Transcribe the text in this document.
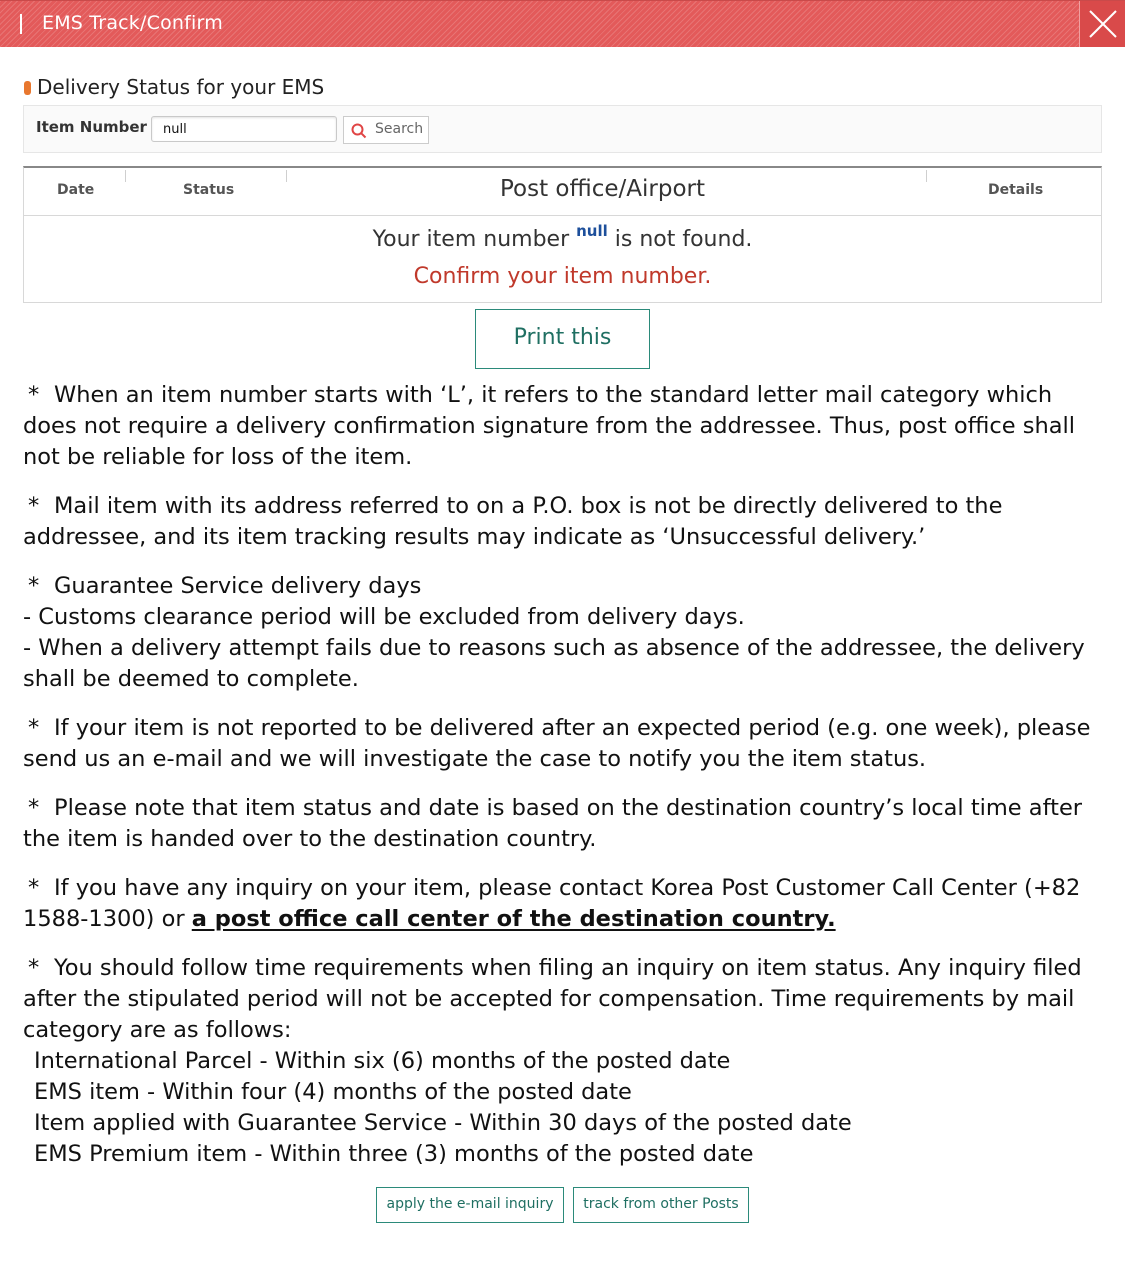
EMS Track/Confirm
Delivery Status for your EMS
Item Number
null	Search
Date	Status	Post office/Airport	Details
Your item number $^{null}$ is not found.
Confirm your item number.
Print this

* When an item number starts with ‘L’, it refers to the standard letter mail category which does not require a delivery confirmation signature from the addressee. Thus, post office shall not be reliable for loss of the item.

* Mail item with its address referred to on a P.O. box is not be directly delivered to the addressee, and its item tracking results may indicate as ‘Unsuccessful delivery.’

* Guarantee Service delivery days
- Customs clearance period will be excluded from delivery days.
- When a delivery attempt fails due to reasons such as absence of the addressee, the delivery shall be deemed to complete.

* If your item is not reported to be delivered after an expected period (e.g. one week), please send us an e-mail and we will investigate the case to notify you the item status.

* Please note that item status and date is based on the destination country’s local time after the item is handed over to the destination country.

* If you have any inquiry on your item, please contact Korea Post Customer Call Center (+82 1588-1300) or a post office call center of the destination country.

* You should follow time requirements when filing an inquiry on item status. Any inquiry filed after the stipulated period will not be accepted for compensation. Time requirements by mail category are as follows:
International Parcel - Within six (6) months of the posted date
EMS item - Within four (4) months of the posted date
Item applied with Guarantee Service - Within 30 days of the posted date
EMS Premium item - Within three (3) months of the posted date

apply the e-mail inquiry	track from other Posts
